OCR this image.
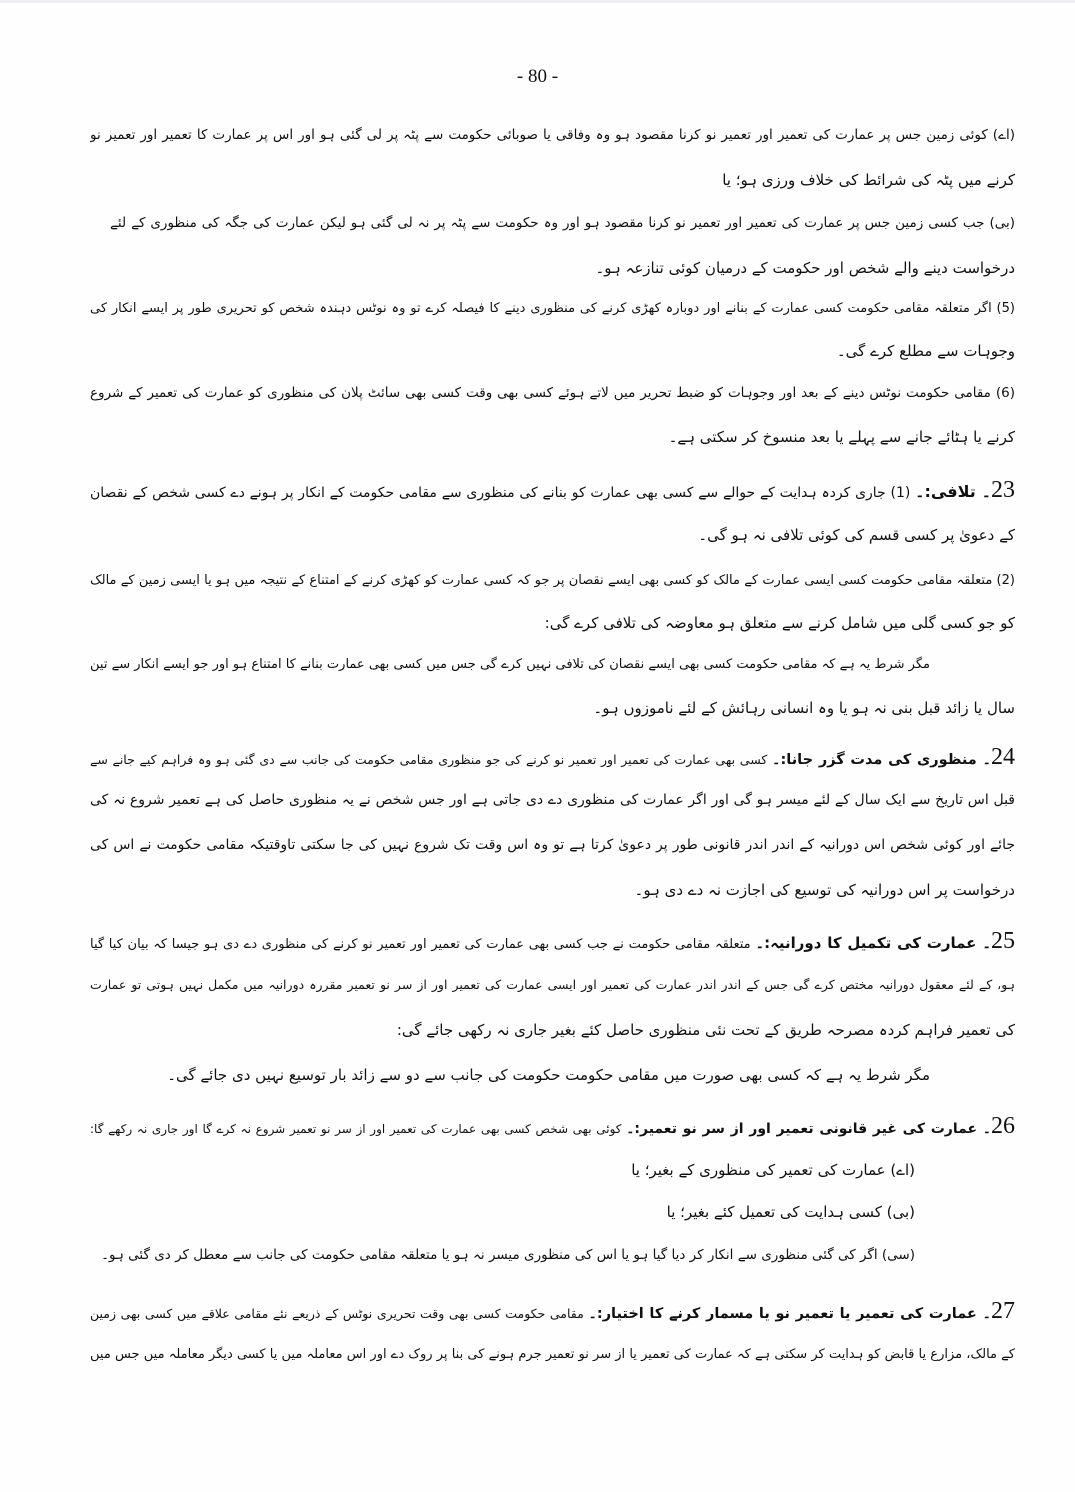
- 80 -
(اے) کوئی زمین جس پر عمارت کی تعمیر اور تعمیر نو کرنا مقصود ہو وہ وفاقی یا صوبائی حکومت سے پٹہ پر لی گئی ہو اور اس پر عمارت کا تعمیر اور تعمیر نو
کرنے میں پٹہ کی شرائط کی خلاف ورزی ہو؛ یا
(بی) جب کسی زمین جس پر عمارت کی تعمیر اور تعمیر نو کرنا مقصود ہو اور وہ حکومت سے پٹہ پر نہ لی گئی ہو لیکن عمارت کی جگہ کی منظوری کے لئے
درخواست دینے والے شخص اور حکومت کے درمیان کوئی تنازعہ ہو۔
(5) اگر متعلقہ مقامی حکومت کسی عمارت کے بنانے اور دوبارہ کھڑی کرنے کی منظوری دینے کا فیصلہ کرے تو وہ نوٹس دہندہ شخص کو تحریری طور پر ایسے انکار کی
وجوہات سے مطلع کرے گی۔
(6) مقامی حکومت نوٹس دینے کے بعد اور وجوہات کو ضبط تحریر میں لاتے ہوئے کسی بھی وقت کسی بھی سائٹ پلان کی منظوری کو عمارت کی تعمیر کے شروع
کرنے یا ہٹائے جانے سے پہلے یا بعد منسوخ کر سکتی ہے۔
23۔ تلافی:۔ (1) جاری کردہ ہدایت کے حوالے سے کسی بھی عمارت کو بنانے کی منظوری سے مقامی حکومت کے انکار پر ہونے دے کسی شخص کے نقصان
کے دعویٰ پر کسی قسم کی کوئی تلافی نہ ہو گی۔
(2) متعلقہ مقامی حکومت کسی ایسی عمارت کے مالک کو کسی بھی ایسے نقصان پر جو کہ کسی عمارت کو کھڑی کرنے کے امتناع کے نتیجہ میں ہو یا ایسی زمین کے مالک
کو جو کسی گلی میں شامل کرنے سے متعلق ہو معاوضہ کی تلافی کرے گی:
مگر شرط یہ ہے کہ مقامی حکومت کسی بھی ایسے نقصان کی تلافی نہیں کرے گی جس میں کسی بھی عمارت بنانے کا امتناع ہو اور جو ایسے انکار سے تین
سال یا زائد قبل بنی نہ ہو یا وہ انسانی رہائش کے لئے ناموزوں ہو۔
24۔ منظوری کی مدت گزر جانا:۔ کسی بھی عمارت کی تعمیر اور تعمیر نو کرنے کی جو منظوری مقامی حکومت کی جانب سے دی گئی ہو وہ فراہم کیے جانے سے
قبل اس تاریخ سے ایک سال کے لئے میسر ہو گی اور اگر عمارت کی منظوری دے دی جاتی ہے اور جس شخص نے یہ منظوری حاصل کی ہے تعمیر شروع نہ کی
جائے اور کوئی شخص اس دورانیہ کے اندر اندر قانونی طور پر دعویٰ کرتا ہے تو وہ اس وقت تک شروع نہیں کی جا سکتی تاوقتیکہ مقامی حکومت نے اس کی
درخواست پر اس دورانیہ کی توسیع کی اجازت نہ دے دی ہو۔
25۔ عمارت کی تکمیل کا دورانیہ:۔ متعلقہ مقامی حکومت نے جب کسی بھی عمارت کی تعمیر اور تعمیر نو کرنے کی منظوری دے دی ہو جیسا کہ بیان کیا گیا
ہو، کے لئے معقول دورانیہ مختص کرے گی جس کے اندر اندر عمارت کی تعمیر اور ایسی عمارت کی تعمیر اور از سر نو تعمیر مقررہ دورانیہ میں مکمل نہیں ہوتی تو عمارت
کی تعمیر فراہم کردہ مصرحہ طریق کے تحت نئی منظوری حاصل کئے بغیر جاری نہ رکھی جائے گی:
مگر شرط یہ ہے کہ کسی بھی صورت میں مقامی حکومت حکومت کی جانب سے دو سے زائد بار توسیع نہیں دی جائے گی۔
26۔ عمارت کی غیر قانونی تعمیر اور از سر نو تعمیر:۔ کوئی بھی شخص کسی بھی عمارت کی تعمیر اور از سر نو تعمیر شروع نہ کرے گا اور جاری نہ رکھے گا:
(اے) عمارت کی تعمیر کی منظوری کے بغیر؛ یا
(بی) کسی ہدایت کی تعمیل کئے بغیر؛ یا
(سی) اگر کی گئی منظوری سے انکار کر دیا گیا ہو یا اس کی منظوری میسر نہ ہو یا متعلقہ مقامی حکومت کی جانب سے معطل کر دی گئی ہو۔
27۔ عمارت کی تعمیر یا تعمیر نو یا مسمار کرنے کا اختیار:۔ مقامی حکومت کسی بھی وقت تحریری نوٹس کے ذریعے نئے مقامی علاقے میں کسی بھی زمین
کے مالک، مزارع یا قابض کو ہدایت کر سکتی ہے کہ عمارت کی تعمیر یا از سر نو تعمیر جرم ہونے کی بنا پر روک دے اور اس معاملہ میں یا کسی دیگر معاملہ میں جس میں
